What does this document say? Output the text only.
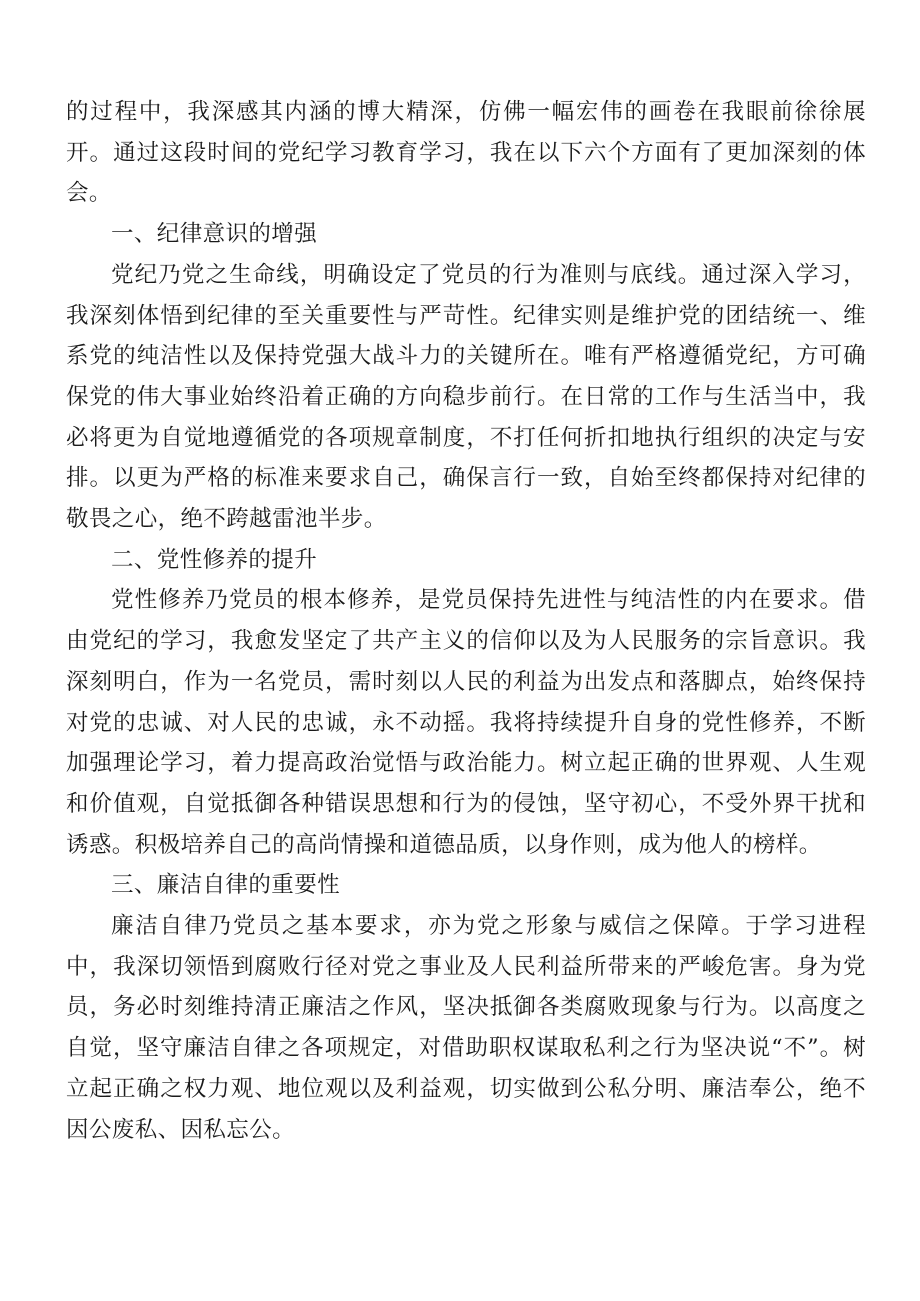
的过程中，我深感其内涵的博大精深，仿佛一幅宏伟的画卷在我眼前徐徐展开。通过这段时间的党纪学习教育学习，我在以下六个方面有了更加深刻的体会。

一、纪律意识的增强

党纪乃党之生命线，明确设定了党员的行为准则与底线。通过深入学习，我深刻体悟到纪律的至关重要性与严苛性。纪律实则是维护党的团结统一、维系党的纯洁性以及保持党强大战斗力的关键所在。唯有严格遵循党纪，方可确保党的伟大事业始终沿着正确的方向稳步前行。在日常的工作与生活当中，我必将更为自觉地遵循党的各项规章制度，不打任何折扣地执行组织的决定与安排。以更为严格的标准来要求自己，确保言行一致，自始至终都保持对纪律的敬畏之心，绝不跨越雷池半步。

二、党性修养的提升

党性修养乃党员的根本修养，是党员保持先进性与纯洁性的内在要求。借由党纪的学习，我愈发坚定了共产主义的信仰以及为人民服务的宗旨意识。我深刻明白，作为一名党员，需时刻以人民的利益为出发点和落脚点，始终保持对党的忠诚、对人民的忠诚，永不动摇。我将持续提升自身的党性修养，不断加强理论学习，着力提高政治觉悟与政治能力。树立起正确的世界观、人生观和价值观，自觉抵御各种错误思想和行为的侵蚀，坚守初心，不受外界干扰和诱惑。积极培养自己的高尚情操和道德品质，以身作则，成为他人的榜样。

三、廉洁自律的重要性

廉洁自律乃党员之基本要求，亦为党之形象与威信之保障。于学习进程中，我深切领悟到腐败行径对党之事业及人民利益所带来的严峻危害。身为党员，务必时刻维持清正廉洁之作风，坚决抵御各类腐败现象与行为。以高度之自觉，坚守廉洁自律之各项规定，对借助职权谋取私利之行为坚决说“不”。树立起正确之权力观、地位观以及利益观，切实做到公私分明、廉洁奉公，绝不因公废私、因私忘公。
